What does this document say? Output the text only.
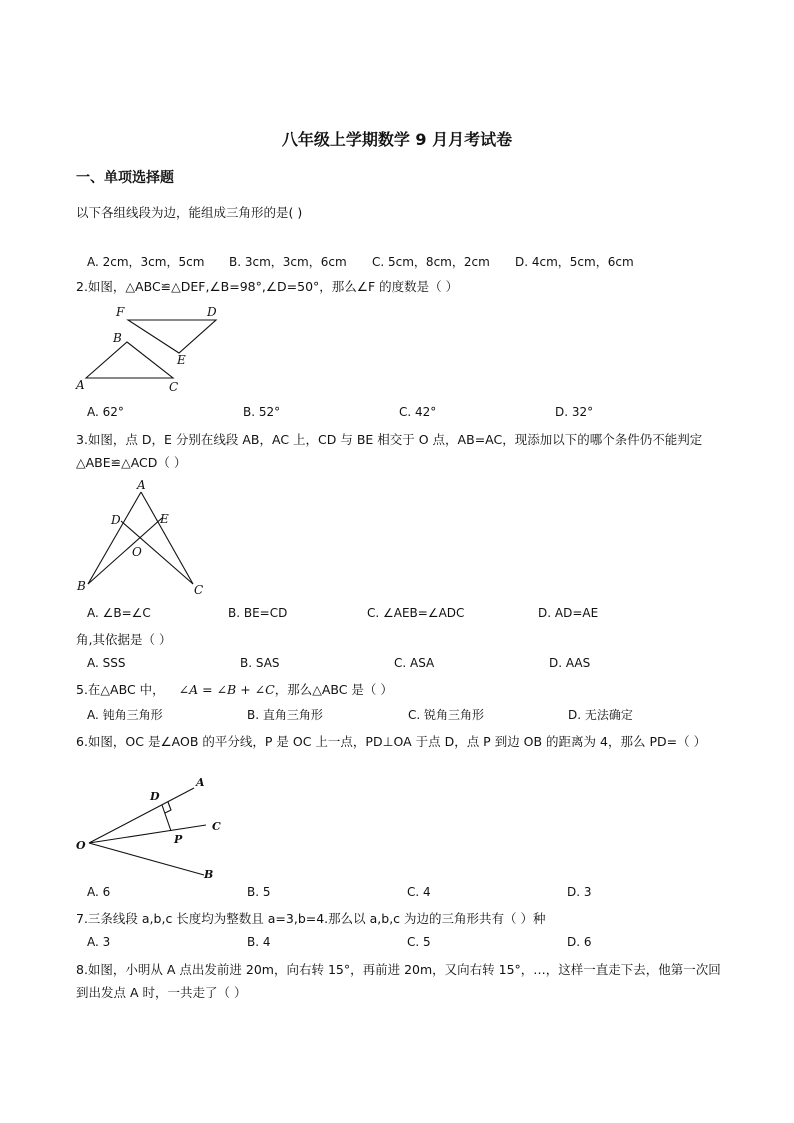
八年级上学期数学 9 月月考试卷
一、单项选择题
以下各组线段为边，能组成三角形的是( )
A. 2cm，3cm，5cm B. 3cm，3cm，6cm C. 5cm，8cm，2cm D. 4cm，5cm，6cm
2.如图，△ABC≌△DEF,∠B=98°,∠D=50°，那么∠F 的度数是（ ）
F	D
B
E
A	C
A. 62°	B. 52°	C. 42°	D. 32°
3.如图，点 D，E 分别在线段 AB，AC 上，CD 与 BE 相交于 O 点，AB=AC，现添加以下的哪个条件仍不能判定△ABE≌△ACD（ ）
A
D	E
O
B	C
A. ∠B=∠C	B. BE=CD	C. ∠AEB=∠ADC	D. AD=AE
角,其依据是（ ）
A. SSS	B. SAS	C. ASA	D. AAS
5.在△ABC 中， ∠A = ∠B + ∠C，那么△ABC 是（ ）
A. 钝角三角形	B. 直角三角形	C. 锐角三角形	D. 无法确定
6.如图，OC 是∠AOB 的平分线，P 是 OC 上一点，PD⊥OA 于点 D，点 P 到边 OB 的距离为 4，那么 PD=（ ）
A
D
C
P
O
B
A. 6	B. 5	C. 4	D. 3
7.三条线段 a,b,c 长度均为整数且 a=3,b=4.那么以 a,b,c 为边的三角形共有（ ）种
A. 3	B. 4	C. 5	D. 6
8.如图，小明从 A 点出发前进 20m，向右转 15°，再前进 20m，又向右转 15°，…，这样一直走下去，他第一次回到出发点 A 时，一共走了（ ）
